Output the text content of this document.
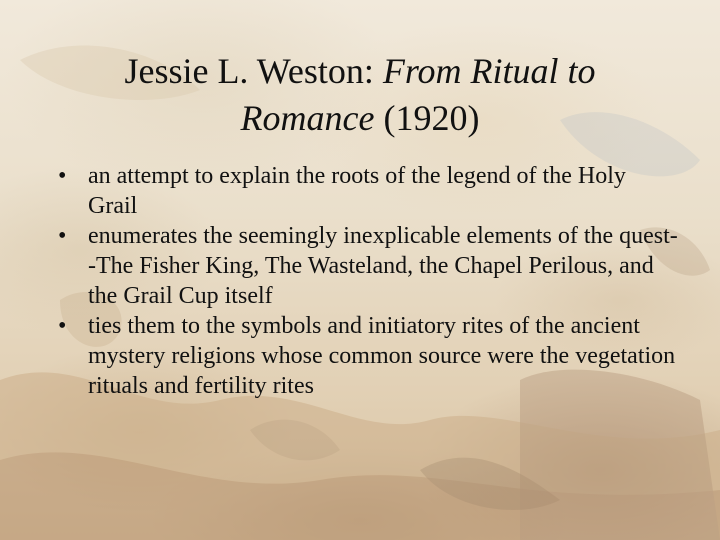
Jessie L. Weston: From Ritual to
Romance (1920)
• an attempt to explain the roots of the legend of the Holy Grail
• enumerates the seemingly inexplicable elements of the quest--The Fisher King, The Wasteland, the Chapel Perilous, and the Grail Cup itself
• ties them to the symbols and initiatory rites of the ancient mystery religions whose common source were the vegetation rituals and fertility rites
